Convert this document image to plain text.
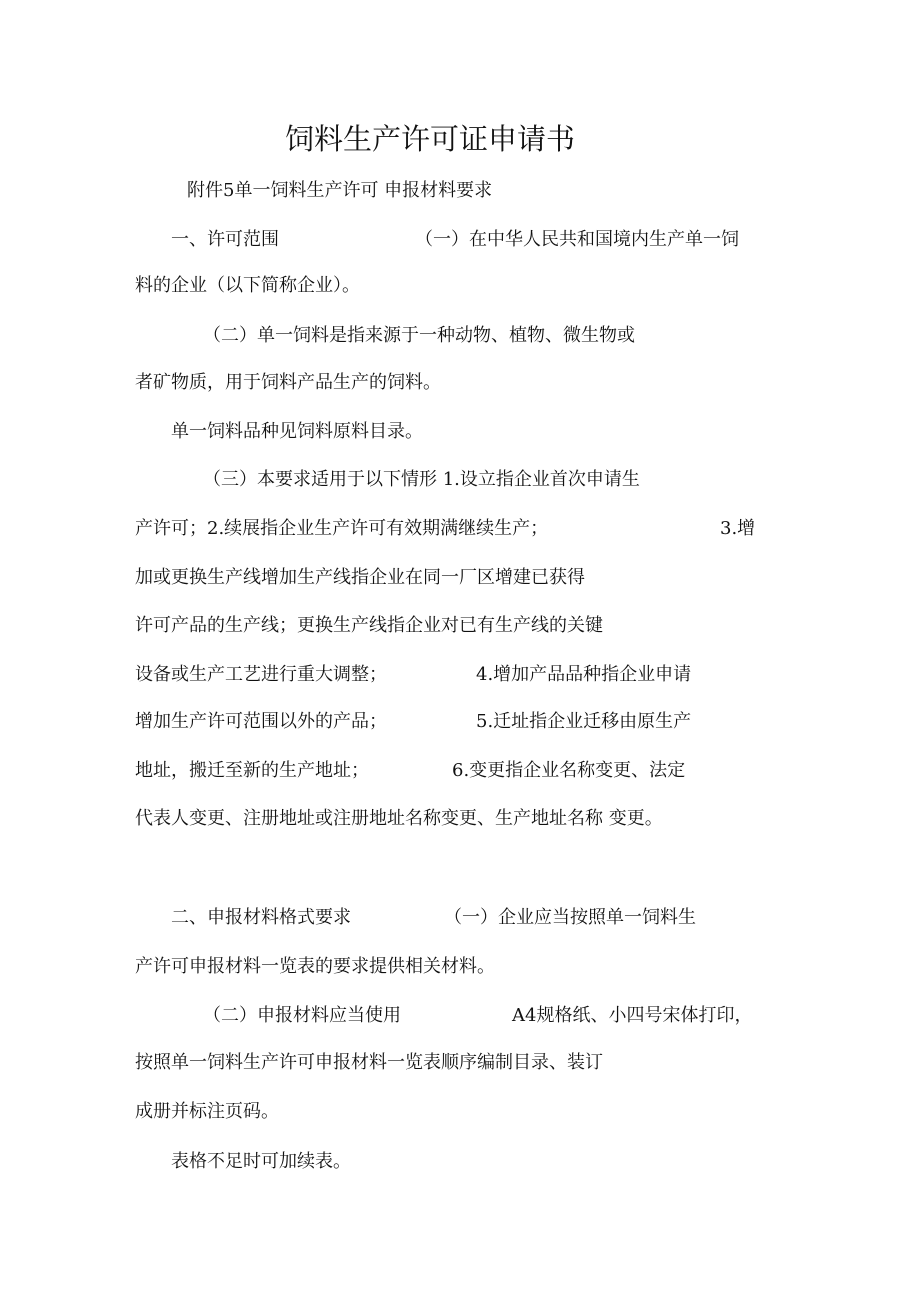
饲料生产许可证申请书
附件5单一饲料生产许可 申报材料要求
一、许可范围	（一）在中华人民共和国境内生产单一饲
料的企业（以下简称企业）。
（二）单一饲料是指来源于一种动物、植物、微生物或
者矿物质，用于饲料产品生产的饲料。
单一饲料品种见饲料原料目录。
（三）本要求适用于以下情形 1.设立指企业首次申请生
产许可；2.续展指企业生产许可有效期满继续生产；	3.增
加或更换生产线增加生产线指企业在同一厂区增建已获得
许可产品的生产线；更换生产线指企业对已有生产线的关键
设备或生产工艺进行重大调整；	4.增加产品品种指企业申请
增加生产许可范围以外的产品；	5.迁址指企业迁移由原生产
地址，搬迁至新的生产地址；	6.变更指企业名称变更、法定
代表人变更、注册地址或注册地址名称变更、生产地址名称 变更。
二、申报材料格式要求	（一）企业应当按照单一饲料生
产许可申报材料一览表的要求提供相关材料。
（二）申报材料应当使用	A4规格纸、小四号宋体打印，
按照单一饲料生产许可申报材料一览表顺序编制目录、装订
成册并标注页码。
表格不足时可加续表。
